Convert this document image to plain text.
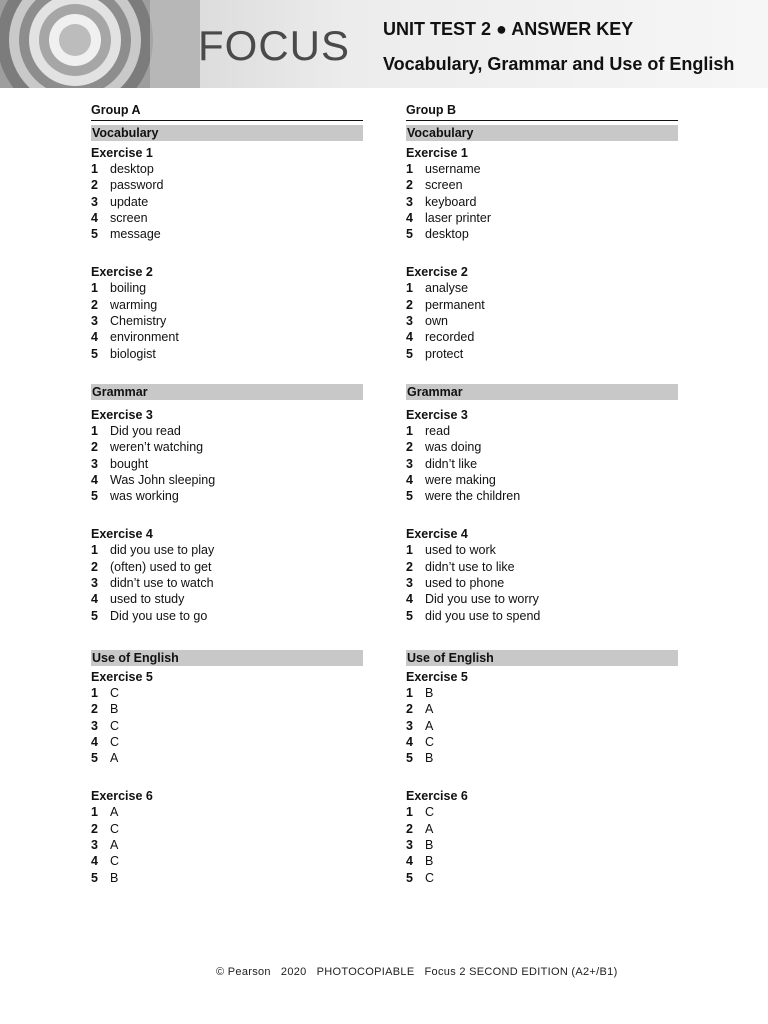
FOCUS UNIT TEST 2 ● ANSWER KEY
Vocabulary, Grammar and Use of English
Group A
Vocabulary
Exercise 1
1 desktop
2 password
3 update
4 screen
5 message
Exercise 2
1 boiling
2 warming
3 Chemistry
4 environment
5 biologist
Grammar
Exercise 3
1 Did you read
2 weren’t watching
3 bought
4 Was John sleeping
5 was working
Exercise 4
1 did you use to play
2 (often) used to get
3 didn’t use to watch
4 used to study
5 Did you use to go
Use of English
Exercise 5
1 C
2 B
3 C
4 C
5 A
Exercise 6
1 A
2 C
3 A
4 C
5 B
Group B
Vocabulary
Exercise 1
1 username
2 screen
3 keyboard
4 laser printer
5 desktop
Exercise 2
1 analyse
2 permanent
3 own
4 recorded
5 protect
Grammar
Exercise 3
1 read
2 was doing
3 didn’t like
4 were making
5 were the children
Exercise 4
1 used to work
2 didn’t use to like
3 used to phone
4 Did you use to worry
5 did you use to spend
Use of English
Exercise 5
1 B
2 A
3 A
4 C
5 B
Exercise 6
1 C
2 A
3 B
4 B
5 C
© Pearson   2020   PHOTOCOPIABLE   Focus 2 SECOND EDITION (A2+/B1)
